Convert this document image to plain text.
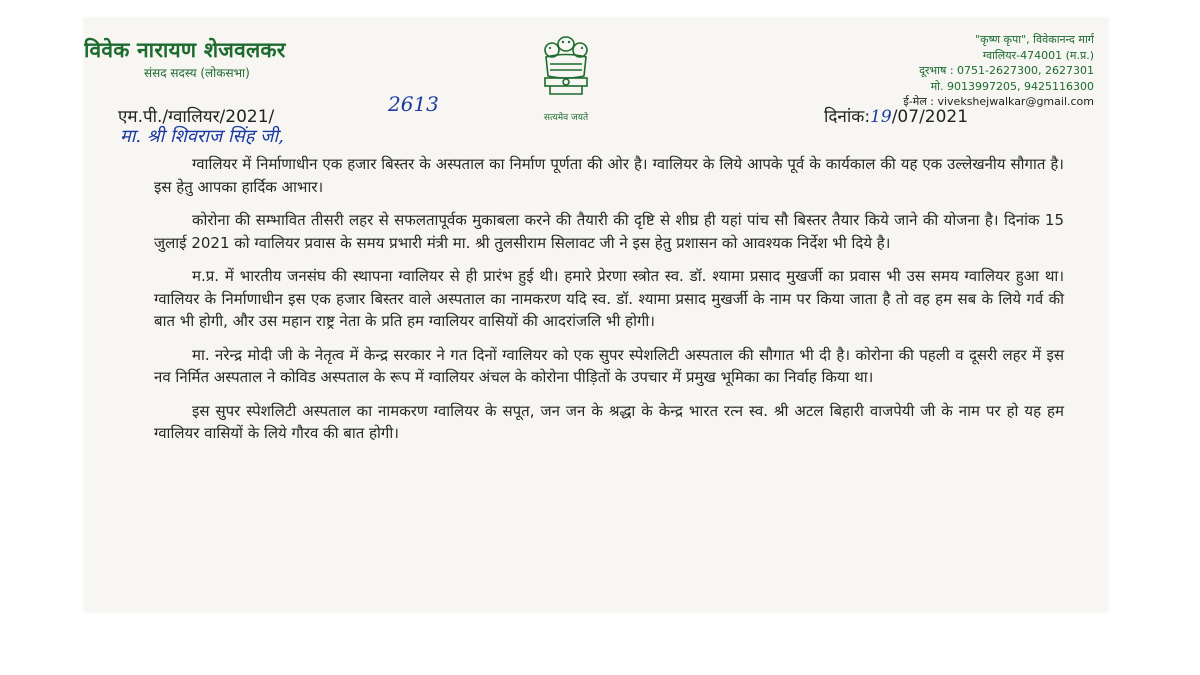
विवेक नारायण शेजवलकर
संसद सदस्य (लोकसभा)
सत्यमेव जयते
"कृष्ण कृपा", विवेकानन्द मार्ग
ग्वालियर-474001 (म.प्र.)
दूरभाष : 0751-2627300, 2627301
मो. 9013997205, 9425116300
ई-मेल : vivekshejwalkar@gmail.com
एम.पी./ग्वालियर/2021/
2613
दिनांक:19/07/2021
मा. श्री शिवराज सिंह जी,

ग्वालियर में निर्माणाधीन एक हजार बिस्तर के अस्पताल का निर्माण पूर्णता की ओर है। ग्वालियर के लिये आपके पूर्व के कार्यकाल की यह एक उल्लेखनीय सौगात है। इस हेतु आपका हार्दिक आभार।

कोरोना की सम्भावित तीसरी लहर से सफलतापूर्वक मुकाबला करने की तैयारी की दृष्टि से शीघ्र ही यहां पांच सौ बिस्तर तैयार किये जाने की योजना है। दिनांक 15 जुलाई 2021 को ग्वालियर प्रवास के समय प्रभारी मंत्री मा. श्री तुलसीराम सिलावट जी ने इस हेतु प्रशासन को आवश्यक निर्देश भी दिये है।

म.प्र. में भारतीय जनसंघ की स्थापना ग्वालियर से ही प्रारंभ हुई थी। हमारे प्रेरणा स्त्रोत स्व. डॉ. श्यामा प्रसाद मुखर्जी का प्रवास भी उस समय ग्वालियर हुआ था। ग्वालियर के निर्माणाधीन इस एक हजार बिस्तर वाले अस्पताल का नामकरण यदि स्व. डॉ. श्यामा प्रसाद मुखर्जी के नाम पर किया जाता है तो वह हम सब के लिये गर्व की बात भी होगी, और उस महान राष्ट्र नेता के प्रति हम ग्वालियर वासियों की आदरांजलि भी होगी।

मा. नरेन्द्र मोदी जी के नेतृत्व में केन्द्र सरकार ने गत दिनों ग्वालियर को एक सुपर स्पेशलिटी अस्पताल की सौगात भी दी है। कोरोना की पहली व दूसरी लहर में इस नव निर्मित अस्पताल ने कोविड अस्पताल के रूप में ग्वालियर अंचल के कोरोना पीड़ितों के उपचार में प्रमुख भूमिका का निर्वाह किया था।

इस सुपर स्पेशलिटी अस्पताल का नामकरण ग्वालियर के सपूत, जन जन के श्रद्धा के केन्द्र भारत रत्न स्व. श्री अटल बिहारी वाजपेयी जी के नाम पर हो यह हम ग्वालियर वासियों के लिये गौरव की बात होगी।
